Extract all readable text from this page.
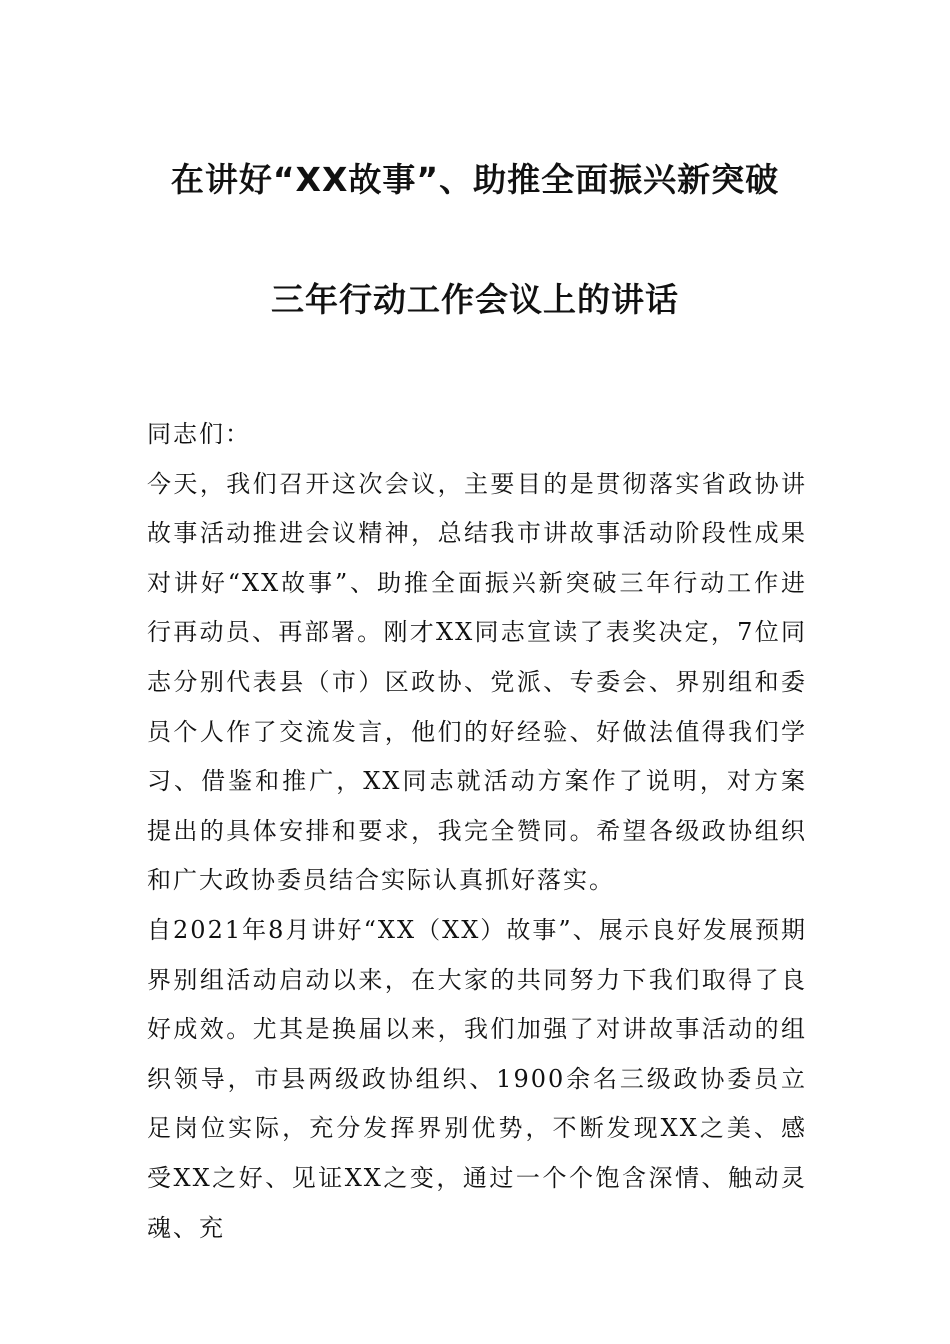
在讲好“XX故事”、助推全面振兴新突破
三年行动工作会议上的讲话

同志们：

今天，我们召开这次会议，主要目的是贯彻落实省政协讲故事活动推进会议精神，总结我市讲故事活动阶段性成果对讲好“XX故事”、助推全面振兴新突破三年行动工作进行再动员、再部署。刚才XX同志宣读了表奖决定，7位同志分别代表县（市）区政协、党派、专委会、界别组和委员个人作了交流发言，他们的好经验、好做法值得我们学习、借鉴和推广，XX同志就活动方案作了说明，对方案提出的具体安排和要求，我完全赞同。希望各级政协组织和广大政协委员结合实际认真抓好落实。

自2021年8月讲好“XX（XX）故事”、展示良好发展预期界别组活动启动以来，在大家的共同努力下我们取得了良好成效。尤其是换届以来，我们加强了对讲故事活动的组织领导，市县两级政协组织、1900余名三级政协委员立足岗位实际，充分发挥界别优势，不断发现XX之美、感受XX之好、见证XX之变，通过一个个饱含深情、触动灵魂、充
